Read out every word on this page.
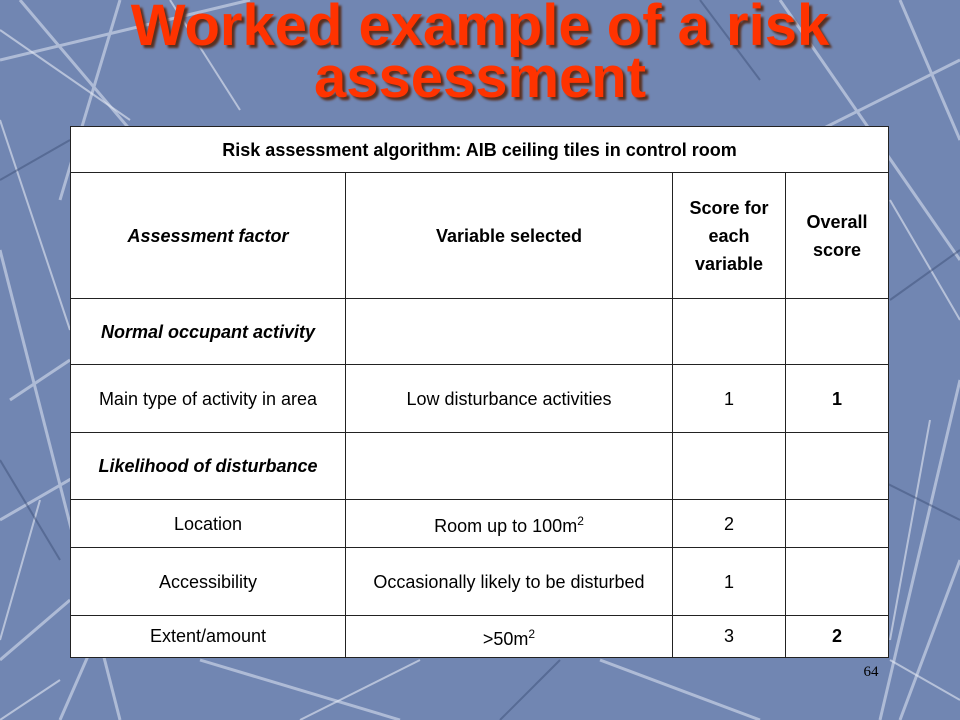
Worked example of a risk
assessment
Risk assessment algorithm: AIB ceiling tiles in control room			
Assessment factor	Variable selected	Score for each variable	Overall score
Normal occupant activity			
Main type of activity in area	Low disturbance activities	1	1
Likelihood of disturbance			
Location	Room up to $100m^2$	2	
Accessibility	Occasionally likely to be disturbed	1	
Extent/amount	$>50m^2$	3	2
64
